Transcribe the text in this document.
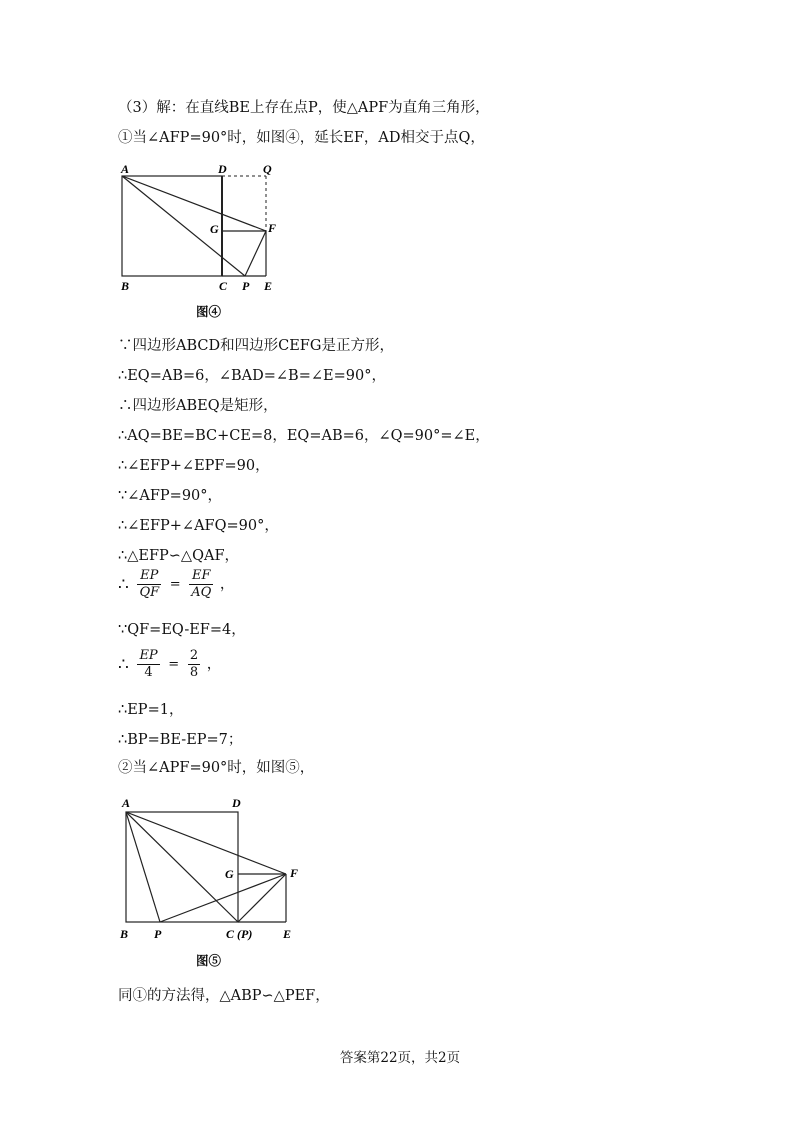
（3）解：在直线BE上存在点P，使△APF为直角三角形，
①当∠AFP=90°时，如图④，延长EF，AD相交于点Q，
A	D	Q
G	F
B	C P E
图④
∵四边形ABCD和四边形CEFG是正方形，
∴EQ=AB=6，∠BAD=∠B=∠E=90°，
∴四边形ABEQ是矩形，
∴AQ=BE=BC+CE=8，EQ=AB=6，∠Q=90°=∠E，
∴∠EFP+∠EPF=90，
∵∠AFP=90°，
∴∠EFP+∠AFQ=90°，
∴△EFP∽△QAF，
∴ $\frac{EP}{QF} = \frac{EF}{AQ}$ ，
∵QF=EQ-EF=4，
∴ $\frac{EP}{4} = \frac{2}{8}$ ，
∴EP=1，
∴BP=BE-EP=7；
②当∠APF=90°时，如图⑤，
A	D
G	F
B P	C (P)	E
图⑤
同①的方法得，△ABP∽△PEF，
答案第22页，共2页
